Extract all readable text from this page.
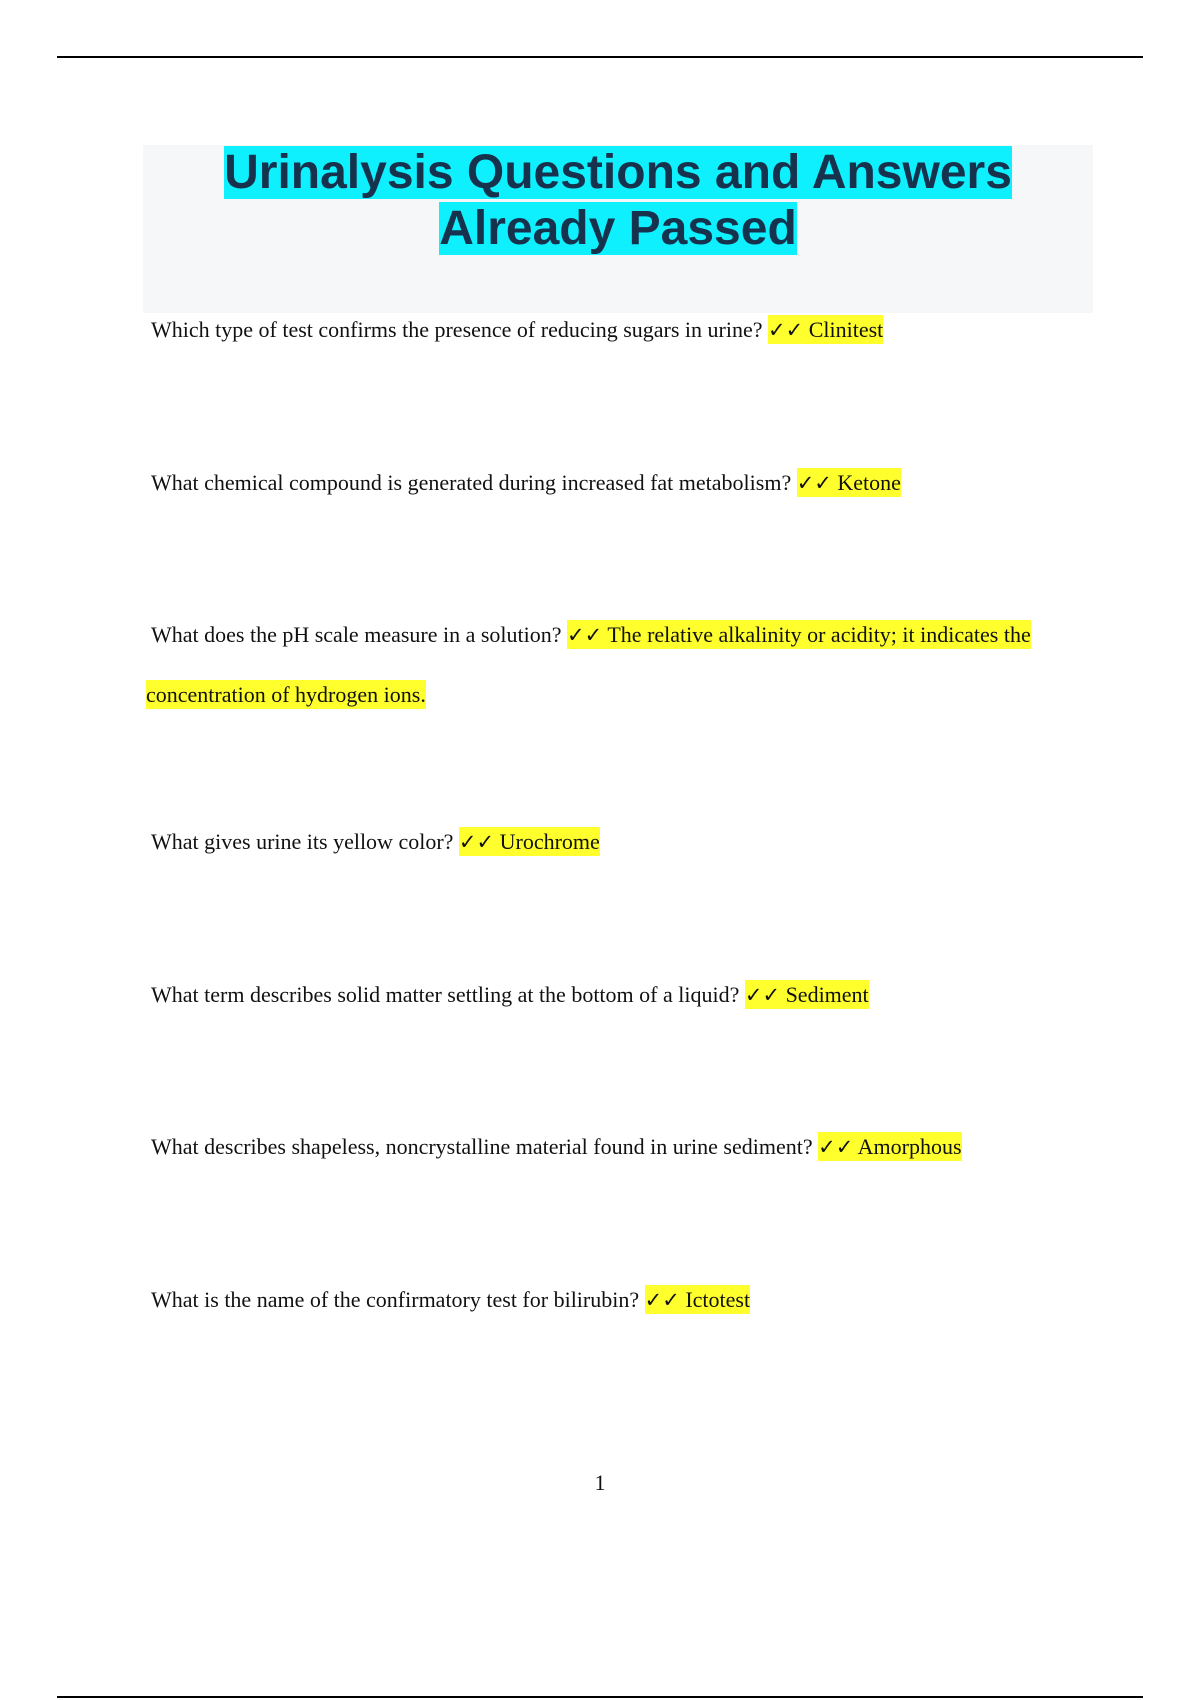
Urinalysis Questions and Answers
Already Passed

Which type of test confirms the presence of reducing sugars in urine? ✓✓ Clinitest

What chemical compound is generated during increased fat metabolism? ✓✓ Ketone

What does the pH scale measure in a solution? ✓✓ The relative alkalinity or acidity; it indicates the concentration of hydrogen ions.

What gives urine its yellow color? ✓✓ Urochrome

What term describes solid matter settling at the bottom of a liquid? ✓✓ Sediment

What describes shapeless, noncrystalline material found in urine sediment? ✓✓ Amorphous

What is the name of the confirmatory test for bilirubin? ✓✓ Ictotest

1
